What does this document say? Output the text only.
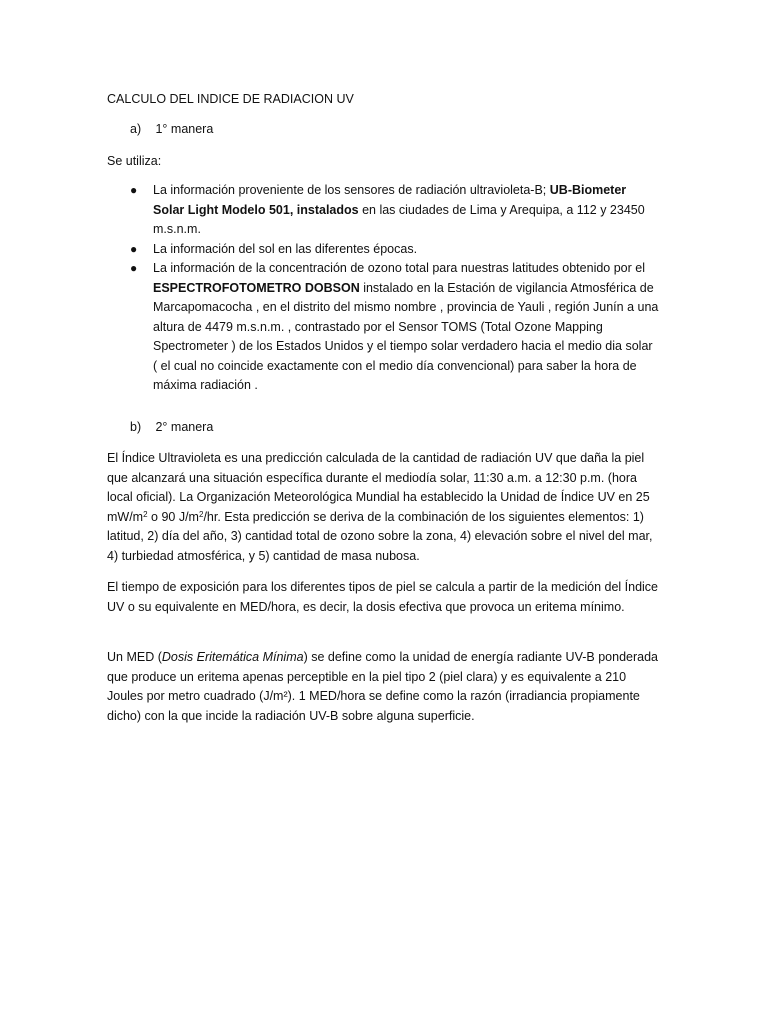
CALCULO DEL INDICE DE RADIACION UV
a) 1° manera

Se utiliza:

● La información proveniente de los sensores de radiación ultravioleta-B; UB-Biometer Solar Light Modelo 501, instalados en las ciudades de Lima y Arequipa, a 112 y 23450 m.s.n.m.
● La información del sol en las diferentes épocas.
● La información de la concentración de ozono total para nuestras latitudes obtenido por el ESPECTROFOTOMETRO DOBSON instalado en la Estación de vigilancia Atmosférica de Marcapomacocha , en el distrito del mismo nombre , provincia de Yauli , región Junín a una altura de 4479 m.s.n.m. , contrastado por el Sensor TOMS (Total Ozone Mapping Spectrometer ) de los Estados Unidos y el tiempo solar verdadero hacia el medio dia solar ( el cual no coincide exactamente con el medio día convencional) para saber la hora de máxima radiación .
b) 2° manera

El Índice Ultravioleta es una predicción calculada de la cantidad de radiación UV que daña la piel que alcanzará una situación específica durante el mediodía solar, 11:30 a.m. a 12:30 p.m. (hora local oficial). La Organización Meteorológica Mundial ha establecido la Unidad de Índice UV en 25 $mW/m^2$ o 90 $J/m^2/hr$. Esta predicción se deriva de la combinación de los siguientes elementos: 1) latitud, 2) día del año, 3) cantidad total de ozono sobre la zona, 4) elevación sobre el nivel del mar, 4) turbiedad atmosférica, y 5) cantidad de masa nubosa.

El tiempo de exposición para los diferentes tipos de piel se calcula a partir de la medición del Índice UV o su equivalente en MED/hora, es decir, la dosis efectiva que provoca un eritema mínimo.

Un MED (Dosis Eritemática Mínima) se define como la unidad de energía radiante UV-B ponderada que produce un eritema apenas perceptible en la piel tipo 2 (piel clara) y es equivalente a 210 Joules por metro cuadrado (J/m²). 1 MED/hora se define como la razón (irradiancia propiamente dicho) con la que incide la radiación UV-B sobre alguna superficie.
